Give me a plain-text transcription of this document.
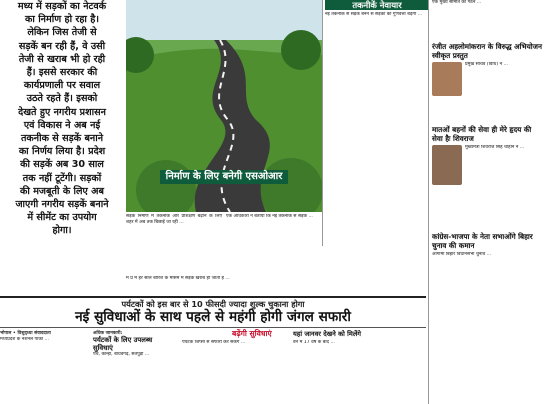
मध्य में सड़कों का नेटवर्क
का निर्माण हो रहा है।
लेकिन जिस तेजी से
सड़कें बन रही हैं, वे उसी
तेजी से खराब भी हो रही
हैं। इससे सरकार की
कार्यप्रणाली पर सवाल
उठते रहते हैं। इसको
देखते हुए नगरीय प्रशासन
एवं विकास ने अब नई
तकनीक से सड़कें बनाने
का निर्णय लिया है। प्रदेश
की सड़कें अब 30 साल
तक नहीं टूटेंगी। सड़कों
की मजबूती के लिए अब
जाएगी नगरीय सड़कें बनाने
में सीमेंट का उपयोग
होगा।
निर्माण के लिए बनेगी एसओआर
तकनीकें नेवायार
नई तकनीक से सड़कें बनने से सड़कों की गुणवत्ता बढ़ेगी ...
सड़क निर्माण में तकनीक और प्रशिक्षण बढ़ाने के लिए शहर में अब तक बिछाई जा रही ...
एक अधिकारी ने बताया कि नई तकनीक से सड़कें ...
म प्र में हर साल बारिश के मौसम में सड़कें खराब हो जाती हैं ...
एक मुख्य समिति का गठन ...
रंजीत अहलोमांकरान के विरुद्ध अभियोजन
स्वीकृत प्रस्तुत
प्रमुख सचिव (विधि) ने ...
मातओं बहनों की सेवा ही मेरे हृदय की
सेवा हैः शिवराज
मुख्यमंत्री शिवराज सिंह चौहान ने ...
कांग्रेस-भाजपा के नेता सभाओंगे बिहार
चुनाव की कमान
आगामी बिहार विधानसभा चुनाव ...
पर्यटकों को इस बार से 10 फीसदी ज्यादा शुल्क चुकाना होगा
नई सुविधाओं के साथ पहले से महंगी होगी जंगल सफारी
भोपाल • विशुद्ध्धा संवाददाता
मध्यप्रदेश के नेशनल पार्कों ...
अधिक जानकारी:
पर्यटकों के लिए उपलब्ध
सुविधाएं
पेंच, कान्हा, बांधवगढ़, सतपुड़ा ...
बढ़ेंगी सुविधाएं
पर्यटक जिप्सी से सफारी कर सकेंगे ...
यहां जानवर देखने को मिलेंगे
वन में 17 वर्ष के बाद ...
